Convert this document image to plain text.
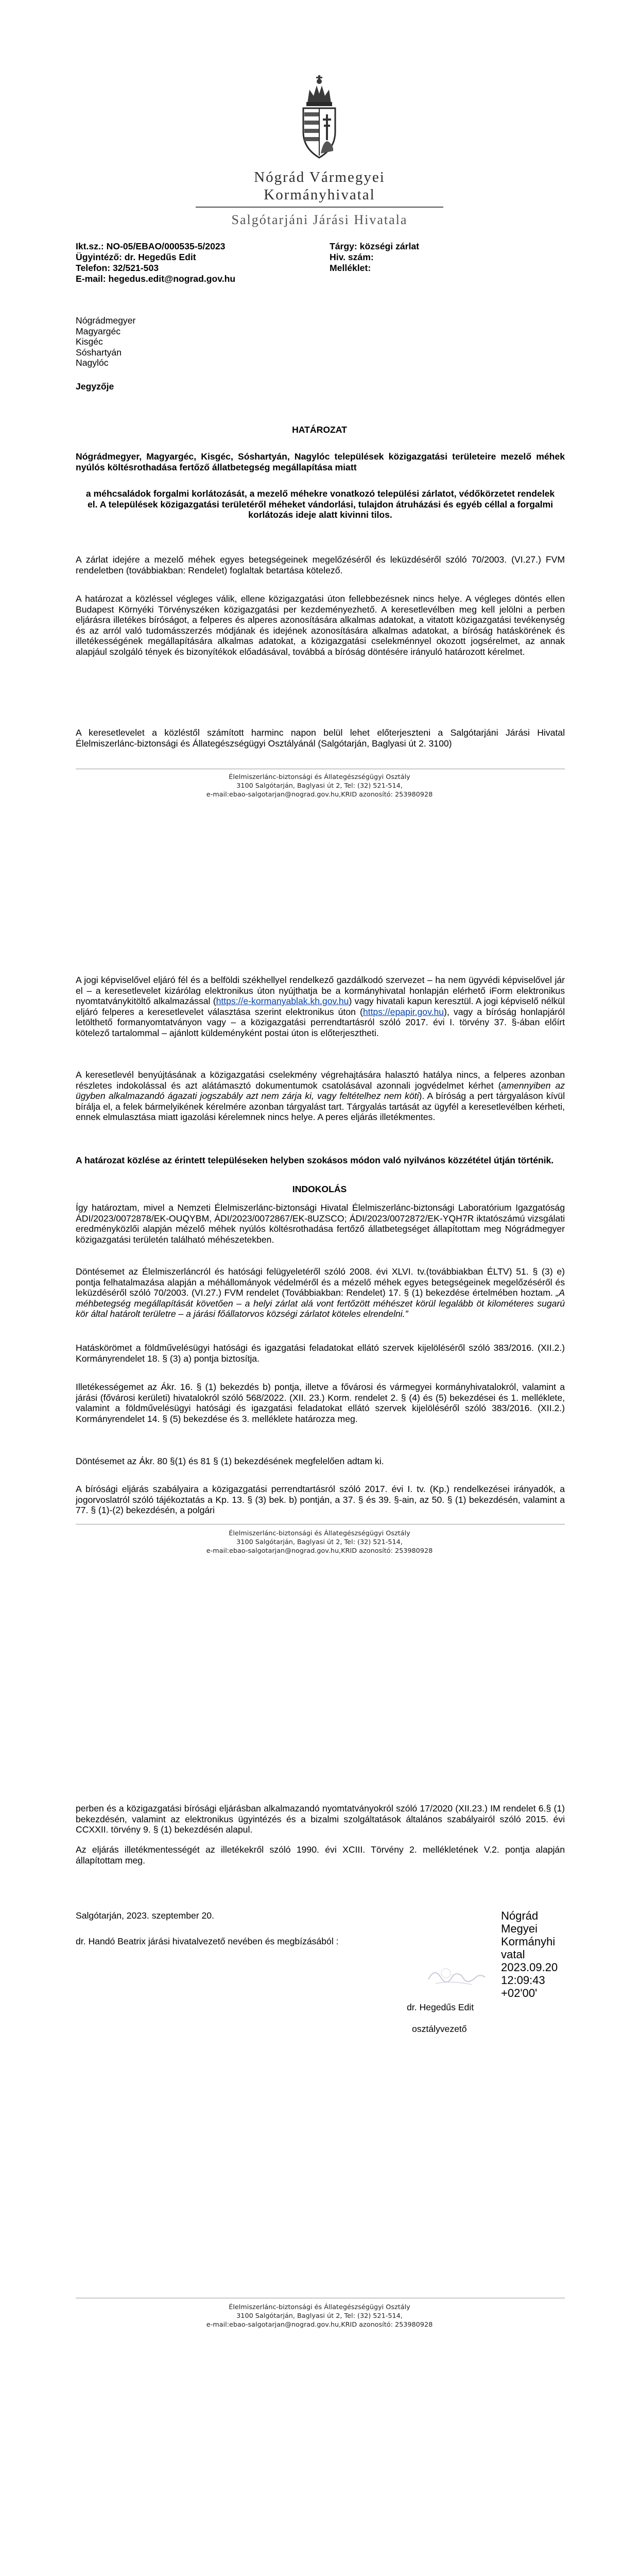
Nógrád Vármegyei
Kormányhivatal
Salgótarjáni Járási Hivatala
Ikt.sz.: NO-05/EBAO/000535-5/2023
Ügyintéző: dr. Hegedűs Edit
Telefon: 32/521-503
E-mail: hegedus.edit@nograd.gov.hu
Tárgy: községi zárlat
Hiv. szám:
Melléklet:
Nógrádmegyer
Magyargéc
Kisgéc
Sóshartyán
Nagylóc
Jegyzője
HATÁROZAT
Nógrádmegyer, Magyargéc, Kisgéc, Sóshartyán, Nagylóc települések közigazgatási területeire mezelő méhek nyúlós költésrothadása fertőző állatbetegség megállapítása miatt
a méhcsaládok forgalmi korlátozását, a mezelő méhekre vonatkozó települési zárlatot, védőkörzetet rendelek el. A települések közigazgatási területéről méheket vándorlási, tulajdon átruházási és egyéb céllal a forgalmi korlátozás ideje alatt kivinni tilos.
A zárlat idejére a mezelő méhek egyes betegségeinek megelőzéséről és leküzdéséről szóló 70/2003. (VI.27.) FVM rendeletben (továbbiakban: Rendelet) foglaltak betartása kötelező.
A határozat a közléssel végleges válik, ellene közigazgatási úton fellebbezésnek nincs helye. A végleges döntés ellen Budapest Környéki Törvényszéken közigazgatási per kezdeményezhető. A keresetlevélben meg kell jelölni a perben eljárásra illetékes bíróságot, a felperes és alperes azonosítására alkalmas adatokat, a vitatott közigazgatási tevékenység és az arról való tudomásszerzés módjának és idejének azonosítására alkalmas adatokat, a bíróság hatáskörének és illetékességének megállapítására alkalmas adatokat, a közigazgatási cselekménnyel okozott jogsérelmet, az annak alapjául szolgáló tények és bizonyítékok előadásával, továbbá a bíróság döntésére irányuló határozott kérelmet.
A keresetlevelet a közléstől számított harminc napon belül lehet előterjeszteni a Salgótarjáni Járási Hivatal Élelmiszerlánc-biztonsági és Állategészségügyi Osztályánál (Salgótarján, Baglyasi út 2. 3100)
Élelmiszerlánc-biztonsági és Állategészségügyi Osztály
3100 Salgótarján, Baglyasi út 2, Tel: (32) 521-514,
e-mail:ebao-salgotarjan@nograd.gov.hu,KRID azonosító: 253980928
A jogi képviselővel eljáró fél és a belföldi székhellyel rendelkező gazdálkodó szervezet – ha nem ügyvédi képviselővel jár el – a keresetlevelet kizárólag elektronikus úton nyújthatja be a kormányhivatal honlapján elérhető iForm elektronikus nyomtatványkitöltő alkalmazással (https://e-kormanyablak.kh.gov.hu) vagy hivatali kapun keresztül. A jogi képviselő nélkül eljáró felperes a keresetlevelet választása szerint elektronikus úton (https://epapir.gov.hu), vagy a bíróság honlapjáról letölthető formanyomtatványon vagy – a közigazgatási perrendtartásról szóló 2017. évi I. törvény 37. §-ában előírt kötelező tartalommal – ajánlott küldeményként postai úton is előterjesztheti.
A keresetlevél benyújtásának a közigazgatási cselekmény végrehajtására halasztó hatálya nincs, a felperes azonban részletes indokolással és azt alátámasztó dokumentumok csatolásával azonnali jogvédelmet kérhet (amennyiben az ügyben alkalmazandó ágazati jogszabály azt nem zárja ki, vagy feltételhez nem köti). A bíróság a pert tárgyaláson kívül bírálja el, a felek bármelyikének kérelmére azonban tárgyalást tart. Tárgyalás tartását az ügyfél a keresetlevélben kérheti, ennek elmulasztása miatt igazolási kérelemnek nincs helye. A peres eljárás illetékmentes.
A határozat közlése az érintett településeken helyben szokásos módon való nyilvános közzététel útján történik.
INDOKOLÁS
Így határoztam, mivel a Nemzeti Élelmiszerlánc-biztonsági Hivatal Élelmiszerlánc-biztonsági Laboratórium Igazgatóság ÁDI/2023/0072878/EK-OUQYBM, ÁDI/2023/0072867/EK-8UZSCO; ÁDI/2023/0072872/EK-YQH7R iktatószámú vizsgálati eredményközlői alapján mézelő méhek nyúlós költésrothadása fertőző állatbetegséget állapítottam meg Nógrádmegyer közigazgatási területén található méhészetekben.
Döntésemet az Élelmiszerláncról és hatósági felügyeletéről szóló 2008. évi XLVI. tv.(továbbiakban ÉLTV) 51. § (3) e) pontja felhatalmazása alapján a méhállományok védelméről és a mézelő méhek egyes betegségeinek megelőzéséről és leküzdéséről szóló 70/2003. (VI.27.) FVM rendelet (Továbbiakban: Rendelet) 17. § (1) bekezdése értelmében hoztam. „A méhbetegség megállapítását követően – a helyi zárlat alá vont fertőzött méhészet körül legalább öt kilométeres sugarú kör által határolt területre – a járási főállatorvos községi zárlatot köteles elrendelni.”
Hatáskörömet a földművelésügyi hatósági és igazgatási feladatokat ellátó szervek kijelöléséről szóló 383/2016. (XII.2.) Kormányrendelet 18. § (3) a) pontja biztosítja.
Illetékességemet az Ákr. 16. § (1) bekezdés b) pontja, illetve a fővárosi és vármegyei kormányhivatalokról, valamint a járási (fővárosi kerületi) hivatalokról szóló 568/2022. (XII. 23.) Korm. rendelet 2. § (4) és (5) bekezdései és 1. melléklete, valamint a földművelésügyi hatósági és igazgatási feladatokat ellátó szervek kijelöléséről szóló 383/2016. (XII.2.) Kormányrendelet 14. § (5) bekezdése és 3. melléklete határozza meg.
Döntésemet az Ákr. 80 §(1) és 81 § (1) bekezdésének megfelelően adtam ki.
A bírósági eljárás szabályaira a közigazgatási perrendtartásról szóló 2017. évi I. tv. (Kp.) rendelkezései irányadók, a jogorvoslatról szóló tájékoztatás a Kp. 13. § (3) bek. b) pontján, a 37. § és 39. §-ain, az 50. § (1) bekezdésén, valamint a 77. § (1)-(2) bekezdésén, a polgári
Élelmiszerlánc-biztonsági és Állategészségügyi Osztály
3100 Salgótarján, Baglyasi út 2, Tel: (32) 521-514,
e-mail:ebao-salgotarjan@nograd.gov.hu,KRID azonosító: 253980928
perben és a közigazgatási bírósági eljárásban alkalmazandó nyomtatványokról szóló 17/2020 (XII.23.) IM rendelet 6.§ (1) bekezdésén, valamint az elektronikus ügyintézés és a bizalmi szolgáltatások általános szabályairól szóló 2015. évi CCXXII. törvény 9. § (1) bekezdésén alapul.
Az eljárás illetékmentességét az illetékekről szóló 1990. évi XCIII. Törvény 2. mellékletének V.2. pontja alapján állapítottam meg.
Salgótarján, 2023. szeptember 20.
dr. Handó Beatrix járási hivatalvezető nevében és megbízásából :
Nógrád
Megyei
Kormányhi
vatal
2023.09.20
12:09:43
+02'00'
dr. Hegedűs Edit
osztályvezető
Élelmiszerlánc-biztonsági és Állategészségügyi Osztály
3100 Salgótarján, Baglyasi út 2, Tel: (32) 521-514,
e-mail:ebao-salgotarjan@nograd.gov.hu,KRID azonosító: 253980928
